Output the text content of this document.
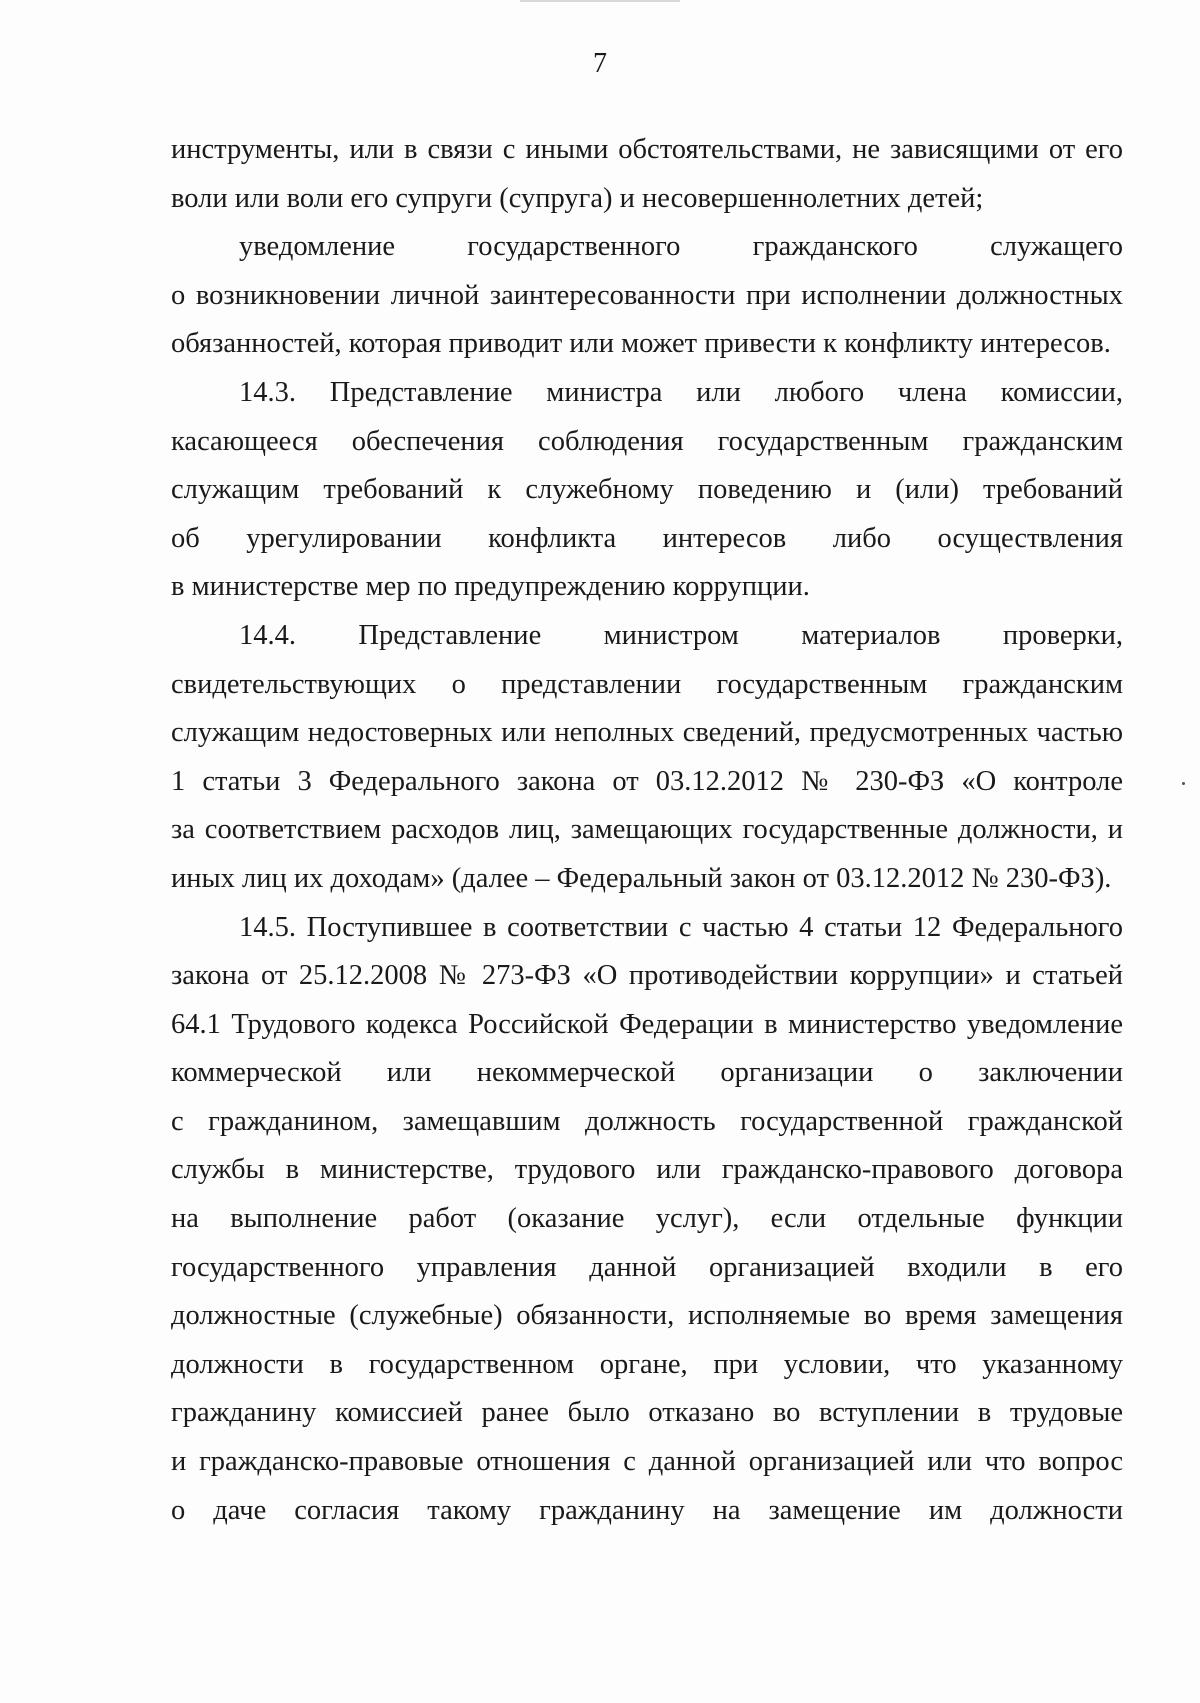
7
инструменты, или в связи с иными обстоятельствами, не зависящими от его
воли или воли его супруги (супруга) и несовершеннолетних детей;
уведомление государственного гражданского служащего
о возникновении личной заинтересованности при исполнении должностных
обязанностей, которая приводит или может привести к конфликту интересов.
14.3. Представление министра или любого члена комиссии,
касающееся обеспечения соблюдения государственным гражданским
служащим требований к служебному поведению и (или) требований
об урегулировании конфликта интересов либо осуществления
в министерстве мер по предупреждению коррупции.
14.4. Представление министром материалов проверки,
свидетельствующих о представлении государственным гражданским
служащим недостоверных или неполных сведений, предусмотренных частью
1 статьи 3 Федерального закона от 03.12.2012 № 230-ФЗ «О контроле
за соответствием расходов лиц, замещающих государственные должности, и
иных лиц их доходам» (далее – Федеральный закон от 03.12.2012 № 230-ФЗ).
14.5. Поступившее в соответствии с частью 4 статьи 12 Федерального
закона от 25.12.2008 № 273-ФЗ «О противодействии коррупции» и статьей
64.1 Трудового кодекса Российской Федерации в министерство уведомление
коммерческой или некоммерческой организации о заключении
с гражданином, замещавшим должность государственной гражданской
службы в министерстве, трудового или гражданско-правового договора
на выполнение работ (оказание услуг), если отдельные функции
государственного управления данной организацией входили в его
должностные (служебные) обязанности, исполняемые во время замещения
должности в государственном органе, при условии, что указанному
гражданину комиссией ранее было отказано во вступлении в трудовые
и гражданско-правовые отношения с данной организацией или что вопрос
о даче согласия такому гражданину на замещение им должности
